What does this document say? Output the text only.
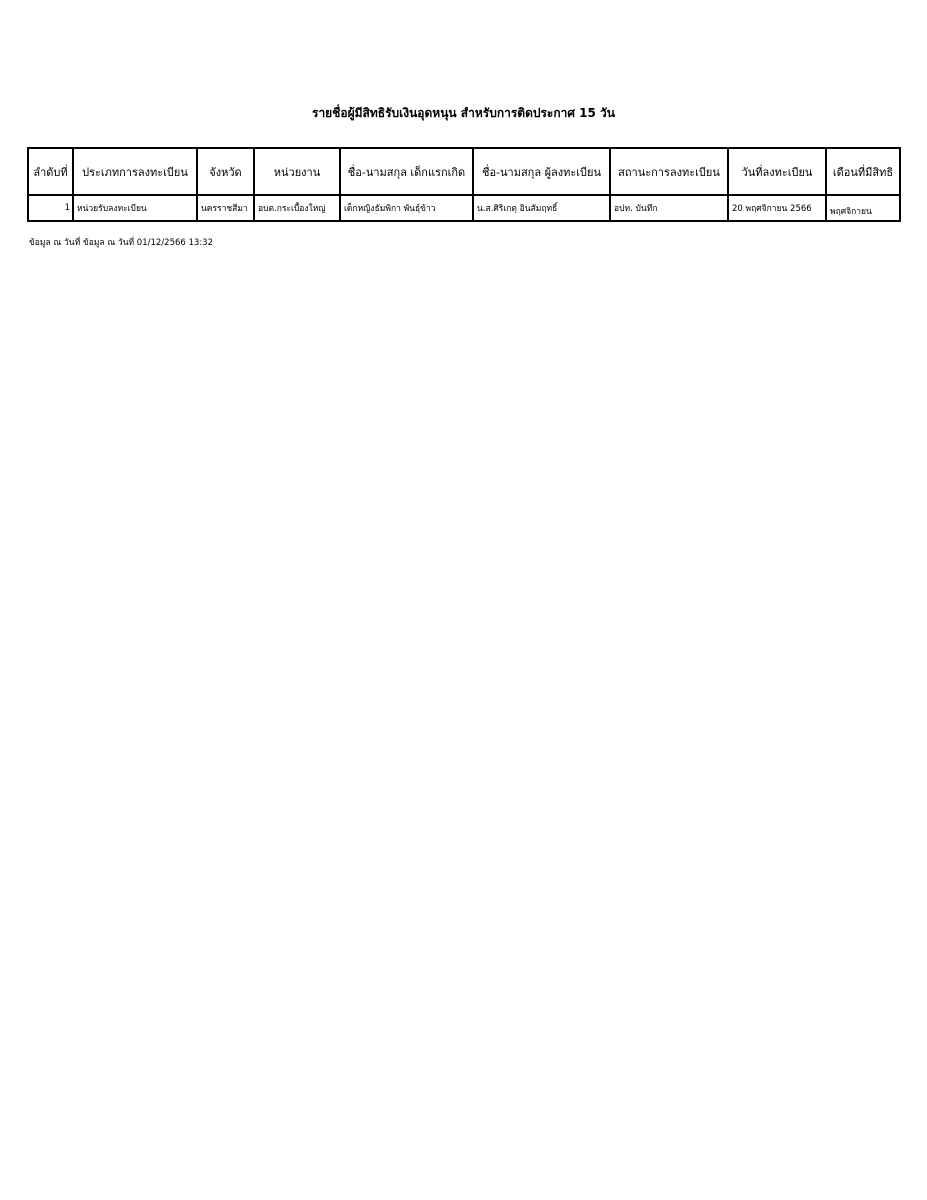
รายชื่อผู้มีสิทธิรับเงินอุดหนุน สำหรับการติดประกาศ 15 วัน
ลำดับที่	ประเภทการลงทะเบียน	จังหวัด	หน่วยงาน	ชื่อ-นามสกุล เด็กแรกเกิด	ชื่อ-นามสกุล ผู้ลงทะเบียน	สถานะการลงทะเบียน	วันที่ลงทะเบียน	เดือนที่มีสิทธิ
1	หน่วยรับลงทะเบียน	นครราชสีมา	อบต.กระเบื้องใหญ่	เด็กหญิงธัมพิกา พันธุ์ข้าว	น.ส.ศิริเกตุ อินสัมฤทธิ์	อปท. บันทึก	20 พฤศจิกายน 2566	พฤศจิกายน
ข้อมูล ณ วันที่ ข้อมูล ณ วันที่ 01/12/2566 13:32
